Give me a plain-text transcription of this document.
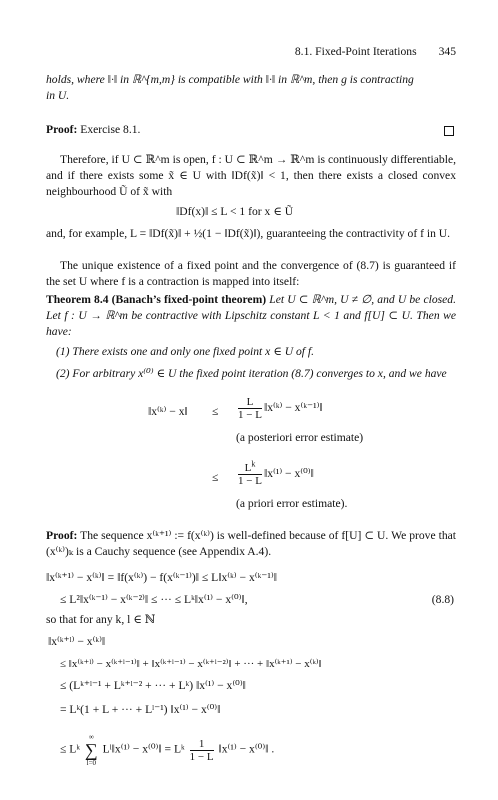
8.1. Fixed-Point Iterations 345
holds, where ‖·‖ in ℝ^{m,m} is compatible with ‖·‖ in ℝ^m, then g is contracting
in U.
Proof: Exercise 8.1.
Therefore, if U ⊂ ℝ^m is open, f : U ⊂ ℝ^m → ℝ^m is continuously differentiable, and if there exists some x̃ ∈ U with ‖Df(x̃)‖ < 1, then there exists a closed convex neighbourhood Ũ of x̃ with
‖Df(x)‖ ≤ L < 1 for x ∈ Ũ
and, for example, L = ‖Df(x̃)‖ + ½(1 − ‖Df(x̃)‖), guaranteeing the contractivity of f in U.
The unique existence of a fixed point and the convergence of (8.7) is guaranteed if the set U where f is a contraction is mapped into itself:
Theorem 8.4 (Banach’s fixed-point theorem) Let U ⊂ ℝ^m, U ≠ ∅, and U be closed. Let f : U → ℝ^m be contractive with Lipschitz constant L < 1 and f[U] ⊂ U. Then we have:
(1) There exists one and only one fixed point x ∈ U of f.
(2) For arbitrary x⁽⁰⁾ ∈ U the fixed point iteration (8.7) converges to x, and we have
‖x⁽ᵏ⁾ − x‖ ≤ $\frac{L}{1 - L}$ ‖x⁽ᵏ⁾ − x⁽ᵏ⁻¹⁾‖
(a posteriori error estimate)
≤ $\frac{L^k}{1 - L}$ ‖x⁽¹⁾ − x⁽⁰⁾‖
(a priori error estimate).
Proof: The sequence x⁽ᵏ⁺¹⁾ := f(x⁽ᵏ⁾) is well-defined because of f[U] ⊂ U. We prove that (x⁽ᵏ⁾)ₖ is a Cauchy sequence (see Appendix A.4).
‖x⁽ᵏ⁺¹⁾ − x⁽ᵏ⁾‖ = ‖f(x⁽ᵏ⁾) − f(x⁽ᵏ⁻¹⁾)‖ ≤ L‖x⁽ᵏ⁾ − x⁽ᵏ⁻¹⁾‖
≤ L²‖x⁽ᵏ⁻¹⁾ − x⁽ᵏ⁻²⁾‖ ≤ ··· ≤ Lᵏ‖x⁽¹⁾ − x⁽⁰⁾‖,	(8.8)
so that for any k, l ∈ ℕ
‖x⁽ᵏ⁺ˡ⁾ − x⁽ᵏ⁾‖
≤ ‖x⁽ᵏ⁺ˡ⁾ − x⁽ᵏ⁺ˡ⁻¹⁾‖ + ‖x⁽ᵏ⁺ˡ⁻¹⁾ − x⁽ᵏ⁺ˡ⁻²⁾‖ + ··· + ‖x⁽ᵏ⁺¹⁾ − x⁽ᵏ⁾‖
≤ (Lᵏ⁺ˡ⁻¹ + Lᵏ⁺ˡ⁻² + ··· + Lᵏ) ‖x⁽¹⁾ − x⁽⁰⁾‖
= Lᵏ(1 + L + ··· + Lˡ⁻¹) ‖x⁽¹⁾ − x⁽⁰⁾‖
≤ Lᵏ
∞
∑
l=0
Lˡ‖x⁽¹⁾ − x⁽⁰⁾‖ = Lᵏ $\frac{1}{1 - L}$ ‖x⁽¹⁾ − x⁽⁰⁾‖ .
